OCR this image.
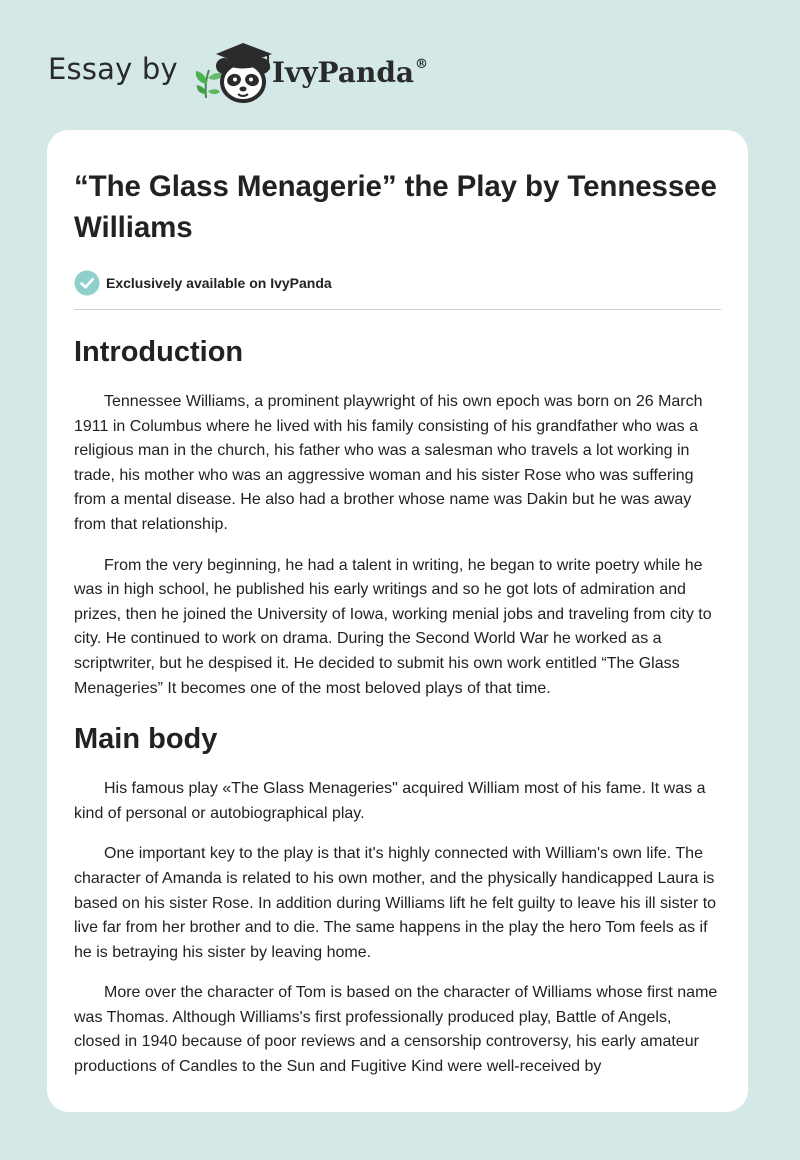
Essay by	IvyPanda®
“The Glass Menagerie” the Play by Tennessee Williams
Exclusively available on IvyPanda
Introduction

Tennessee Williams, a prominent playwright of his own epoch was born on 26 March 1911 in Columbus where he lived with his family consisting of his grandfather who was a religious man in the church, his father who was a salesman who travels a lot working in trade, his mother who was an aggressive woman and his sister Rose who was suffering from a mental disease. He also had a brother whose name was Dakin but he was away from that relationship.

From the very beginning, he had a talent in writing, he began to write poetry while he was in high school, he published his early writings and so he got lots of admiration and prizes, then he joined the University of Iowa, working menial jobs and traveling from city to city. He continued to work on drama. During the Second World War he worked as a scriptwriter, but he despised it. He decided to submit his own work entitled “The Glass Menageries” It becomes one of the most beloved plays of that time.

Main body

His famous play «The Glass Menageries" acquired William most of his fame. It was a kind of personal or autobiographical play.

One important key to the play is that it's highly connected with William's own life. The character of Amanda is related to his own mother, and the physically handicapped Laura is based on his sister Rose. In addition during Williams lift he felt guilty to leave his ill sister to live far from her brother and to die. The same happens in the play the hero Tom feels as if he is betraying his sister by leaving home.

More over the character of Tom is based on the character of Williams whose first name was Thomas. Although Williams's first professionally produced play, Battle of Angels, closed in 1940 because of poor reviews and a censorship controversy, his early amateur productions of Candles to the Sun and Fugitive Kind were well-received by
